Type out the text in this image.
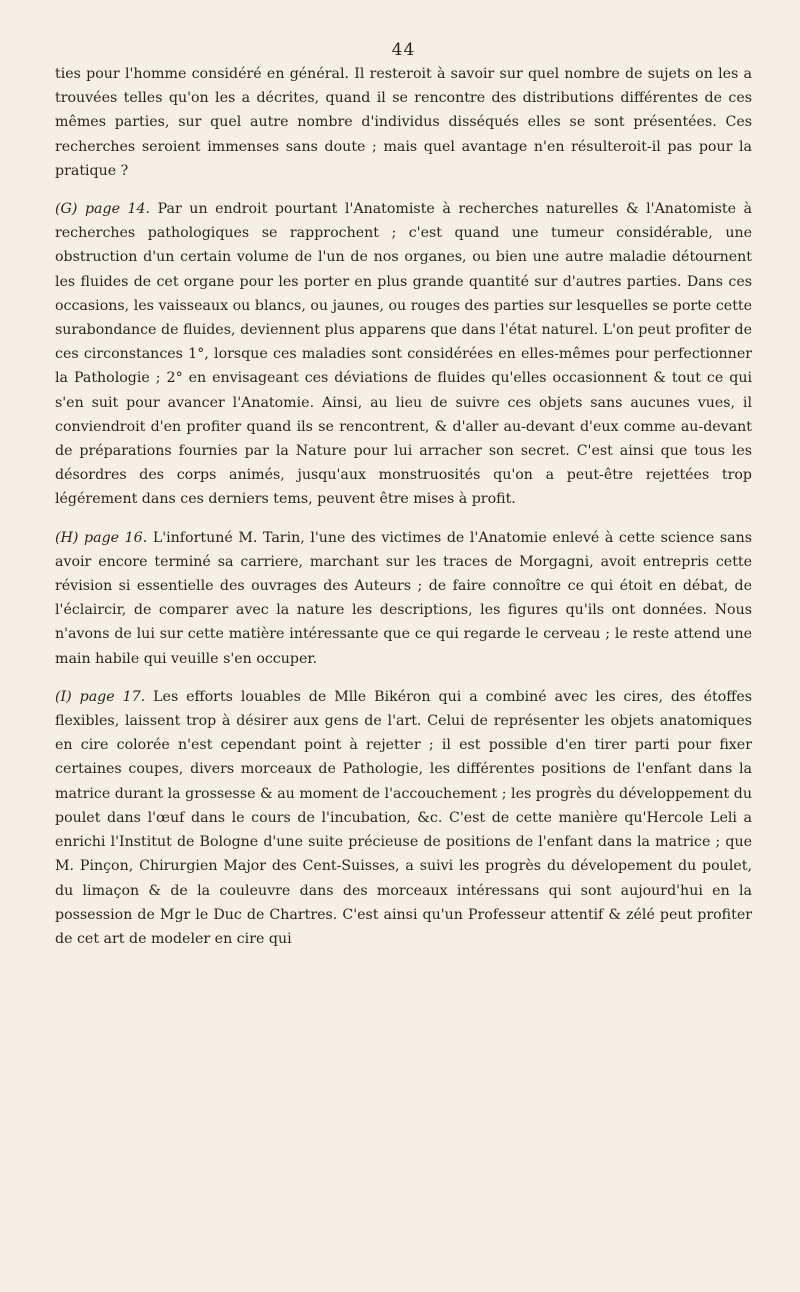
44

ties pour l'homme considéré en général. Il resteroit à savoir sur quel nombre de sujets on les a trouvées telles qu'on les a décrites, quand il se rencontre des distributions différentes de ces mêmes parties, sur quel autre nombre d'individus disséqués elles se sont présentées. Ces recherches seroient immenses sans doute ; mais quel avantage n'en résulteroit-il pas pour la pratique ?

(G) page 14. Par un endroit pourtant l'Anatomiste à recherches naturelles & l'Anatomiste à recherches pathologiques se rapprochent ; c'est quand une tumeur considérable, une obstruction d'un certain volume de l'un de nos organes, ou bien une autre maladie détournent les fluides de cet organe pour les porter en plus grande quantité sur d'autres parties. Dans ces occasions, les vaisseaux ou blancs, ou jaunes, ou rouges des parties sur lesquelles se porte cette surabondance de fluides, deviennent plus apparens que dans l'état naturel. L'on peut profiter de ces circonstances 1°, lorsque ces maladies sont considérées en elles-mêmes pour perfectionner la Pathologie ; 2° en envisageant ces déviations de fluides qu'elles occasionnent & tout ce qui s'en suit pour avancer l'Anatomie. Ainsi, au lieu de suivre ces objets sans aucunes vues, il conviendroit d'en profiter quand ils se rencontrent, & d'aller au-devant d'eux comme au-devant de préparations fournies par la Nature pour lui arracher son secret. C'est ainsi que tous les désordres des corps animés, jusqu'aux monstruosités qu'on a peut-être rejettées trop légérement dans ces derniers tems, peuvent être mises à profit.

(H) page 16. L'infortuné M. Tarin, l'une des victimes de l'Anatomie enlevé à cette science sans avoir encore terminé sa carriere, marchant sur les traces de Morgagni, avoit entrepris cette révision si essentielle des ouvrages des Auteurs ; de faire connoître ce qui étoit en débat, de l'éclaircir, de comparer avec la nature les descriptions, les figures qu'ils ont données. Nous n'avons de lui sur cette matière intéressante que ce qui regarde le cerveau ; le reste attend une main habile qui veuille s'en occuper.

(I) page 17. Les efforts louables de Mlle Bikéron qui a combiné avec les cires, des étoffes flexibles, laissent trop à désirer aux gens de l'art. Celui de représenter les objets anatomiques en cire colorée n'est cependant point à rejetter ; il est possible d'en tirer parti pour fixer certaines coupes, divers morceaux de Pathologie, les différentes positions de l'enfant dans la matrice durant la grossesse & au moment de l'accouchement ; les progrès du développement du poulet dans l'œuf dans le cours de l'incubation, &c. C'est de cette manière qu'Hercole Leli a enrichi l'Institut de Bologne d'une suite précieuse de positions de l'enfant dans la matrice ; que M. Pinçon, Chirurgien Major des Cent-Suisses, a suivi les progrès du dévelopement du poulet, du limaçon & de la couleuvre dans des morceaux intéressans qui sont aujourd'hui en la possession de Mgr le Duc de Chartres. C'est ainsi qu'un Professeur attentif & zélé peut profiter de cet art de modeler en cire qui
